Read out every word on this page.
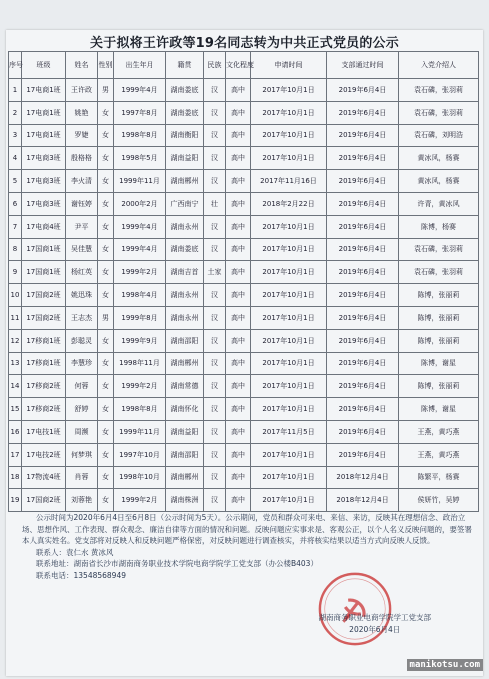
关于拟将王许政等19名同志转为中共正式党员的公示
序号	班级	姓名	性别	出生年月	籍贯	民族	文化程度	申请时间	支部通过时间	入党介绍人
1	17电商1班	王许政	男	1999年4月	湖南娄底	汉	高中	2017年10月1日	2019年6月4日	袁石磷，张羽莉
2	17电商1班	姚艳	女	1997年8月	湖南娄底	汉	高中	2017年10月1日	2019年6月4日	袁石磷，张羽莉
3	17电商1班	罗婕	女	1998年8月	湖南衡阳	汉	高中	2017年10月1日	2019年6月4日	袁石磷，刘明浩
4	17电商3班	殷格格	女	1998年5月	湖南益阳	汉	高中	2017年10月1日	2019年6月4日	黄冰风，杨赛
5	17电商3班	李火清	女	1999年11月	湖南郴州	汉	高中	2017年11月16日	2019年6月4日	黄冰风，杨赛
6	17电商3班	谢钰婷	女	2000年2月	广西南宁	壮	高中	2018年2月22日	2019年6月4日	许青，黄冰风
7	17电商4班	尹平	女	1999年4月	湖南永州	汉	高中	2017年10月1日	2019年6月4日	陈博，杨赛
8	17国商1班	吴佳慧	女	1999年4月	湖南娄底	汉	高中	2017年10月1日	2019年6月4日	袁石磷，张羽莉
9	17国商1班	杨红英	女	1999年2月	湖南吉首	土家	高中	2017年10月1日	2019年6月4日	袁石磷，张羽莉
10	17国商2班	姚迅珠	女	1998年4月	湖南永州	汉	高中	2017年10月1日	2019年6月4日	陈博，张丽莉
11	17国商2班	王志杰	男	1999年8月	湖南永州	汉	高中	2017年10月1日	2019年6月4日	陈博，张丽莉
12	17移商1班	彭聪灵	女	1999年9月	湖南邵阳	汉	高中	2017年10月1日	2019年6月4日	陈博，张丽莉
13	17移商1班	李慧珍	女	1998年11月	湖南郴州	汉	高中	2017年10月1日	2019年6月4日	陈博，谢星
14	17移商2班	何蓉	女	1999年2月	湖南常德	汉	高中	2017年10月1日	2019年6月4日	陈博，张丽莉
15	17移商2班	舒婷	女	1998年8月	湖南怀化	汉	高中	2017年10月1日	2019年6月4日	陈博，谢星
16	17电技1班	周濒	女	1999年11月	湖南益阳	汉	高中	2017年11月5日	2019年6月4日	王燕，黄巧燕
17	17电技2班	何梦琪	女	1997年10月	湖南邵阳	汉	高中	2017年10月1日	2019年6月4日	王燕，黄巧燕
18	17物流4班	肖蓉	女	1998年10月	湖南郴州	汉	高中	2017年10月1日	2018年12月4日	陈繁平，杨赛
19	17国商2班	刘蓉艳	女	1999年2月	湖南株洲	汉	高中	2017年10月1日	2018年12月4日	侯妍竹，吴婷

公示时间为2020年6月4日至6月8日（公示时间为5天）。公示期间，党员和群众可来电、来信、来访，反映其在理想信念、政治立场、思想作风、工作表现、群众观念、廉洁自律等方面的情况和问题。反映问题应实事求是、客观公正，以个人名义反映问题的，要签署本人真实姓名。党支部将对反映人和反映问题严格保密，对反映问题进行调查核实，并将核实结果以适当方式向反映人反馈。

联系人：袁仁水 黄冰风

联系地址：湖南省长沙市湖南商务职业技术学院电商学院学工党支部（办公楼B403）

联系电话：13548568949

湖南商务职业电商学院学工党支部
2020年6月4日
manikotsu.com
